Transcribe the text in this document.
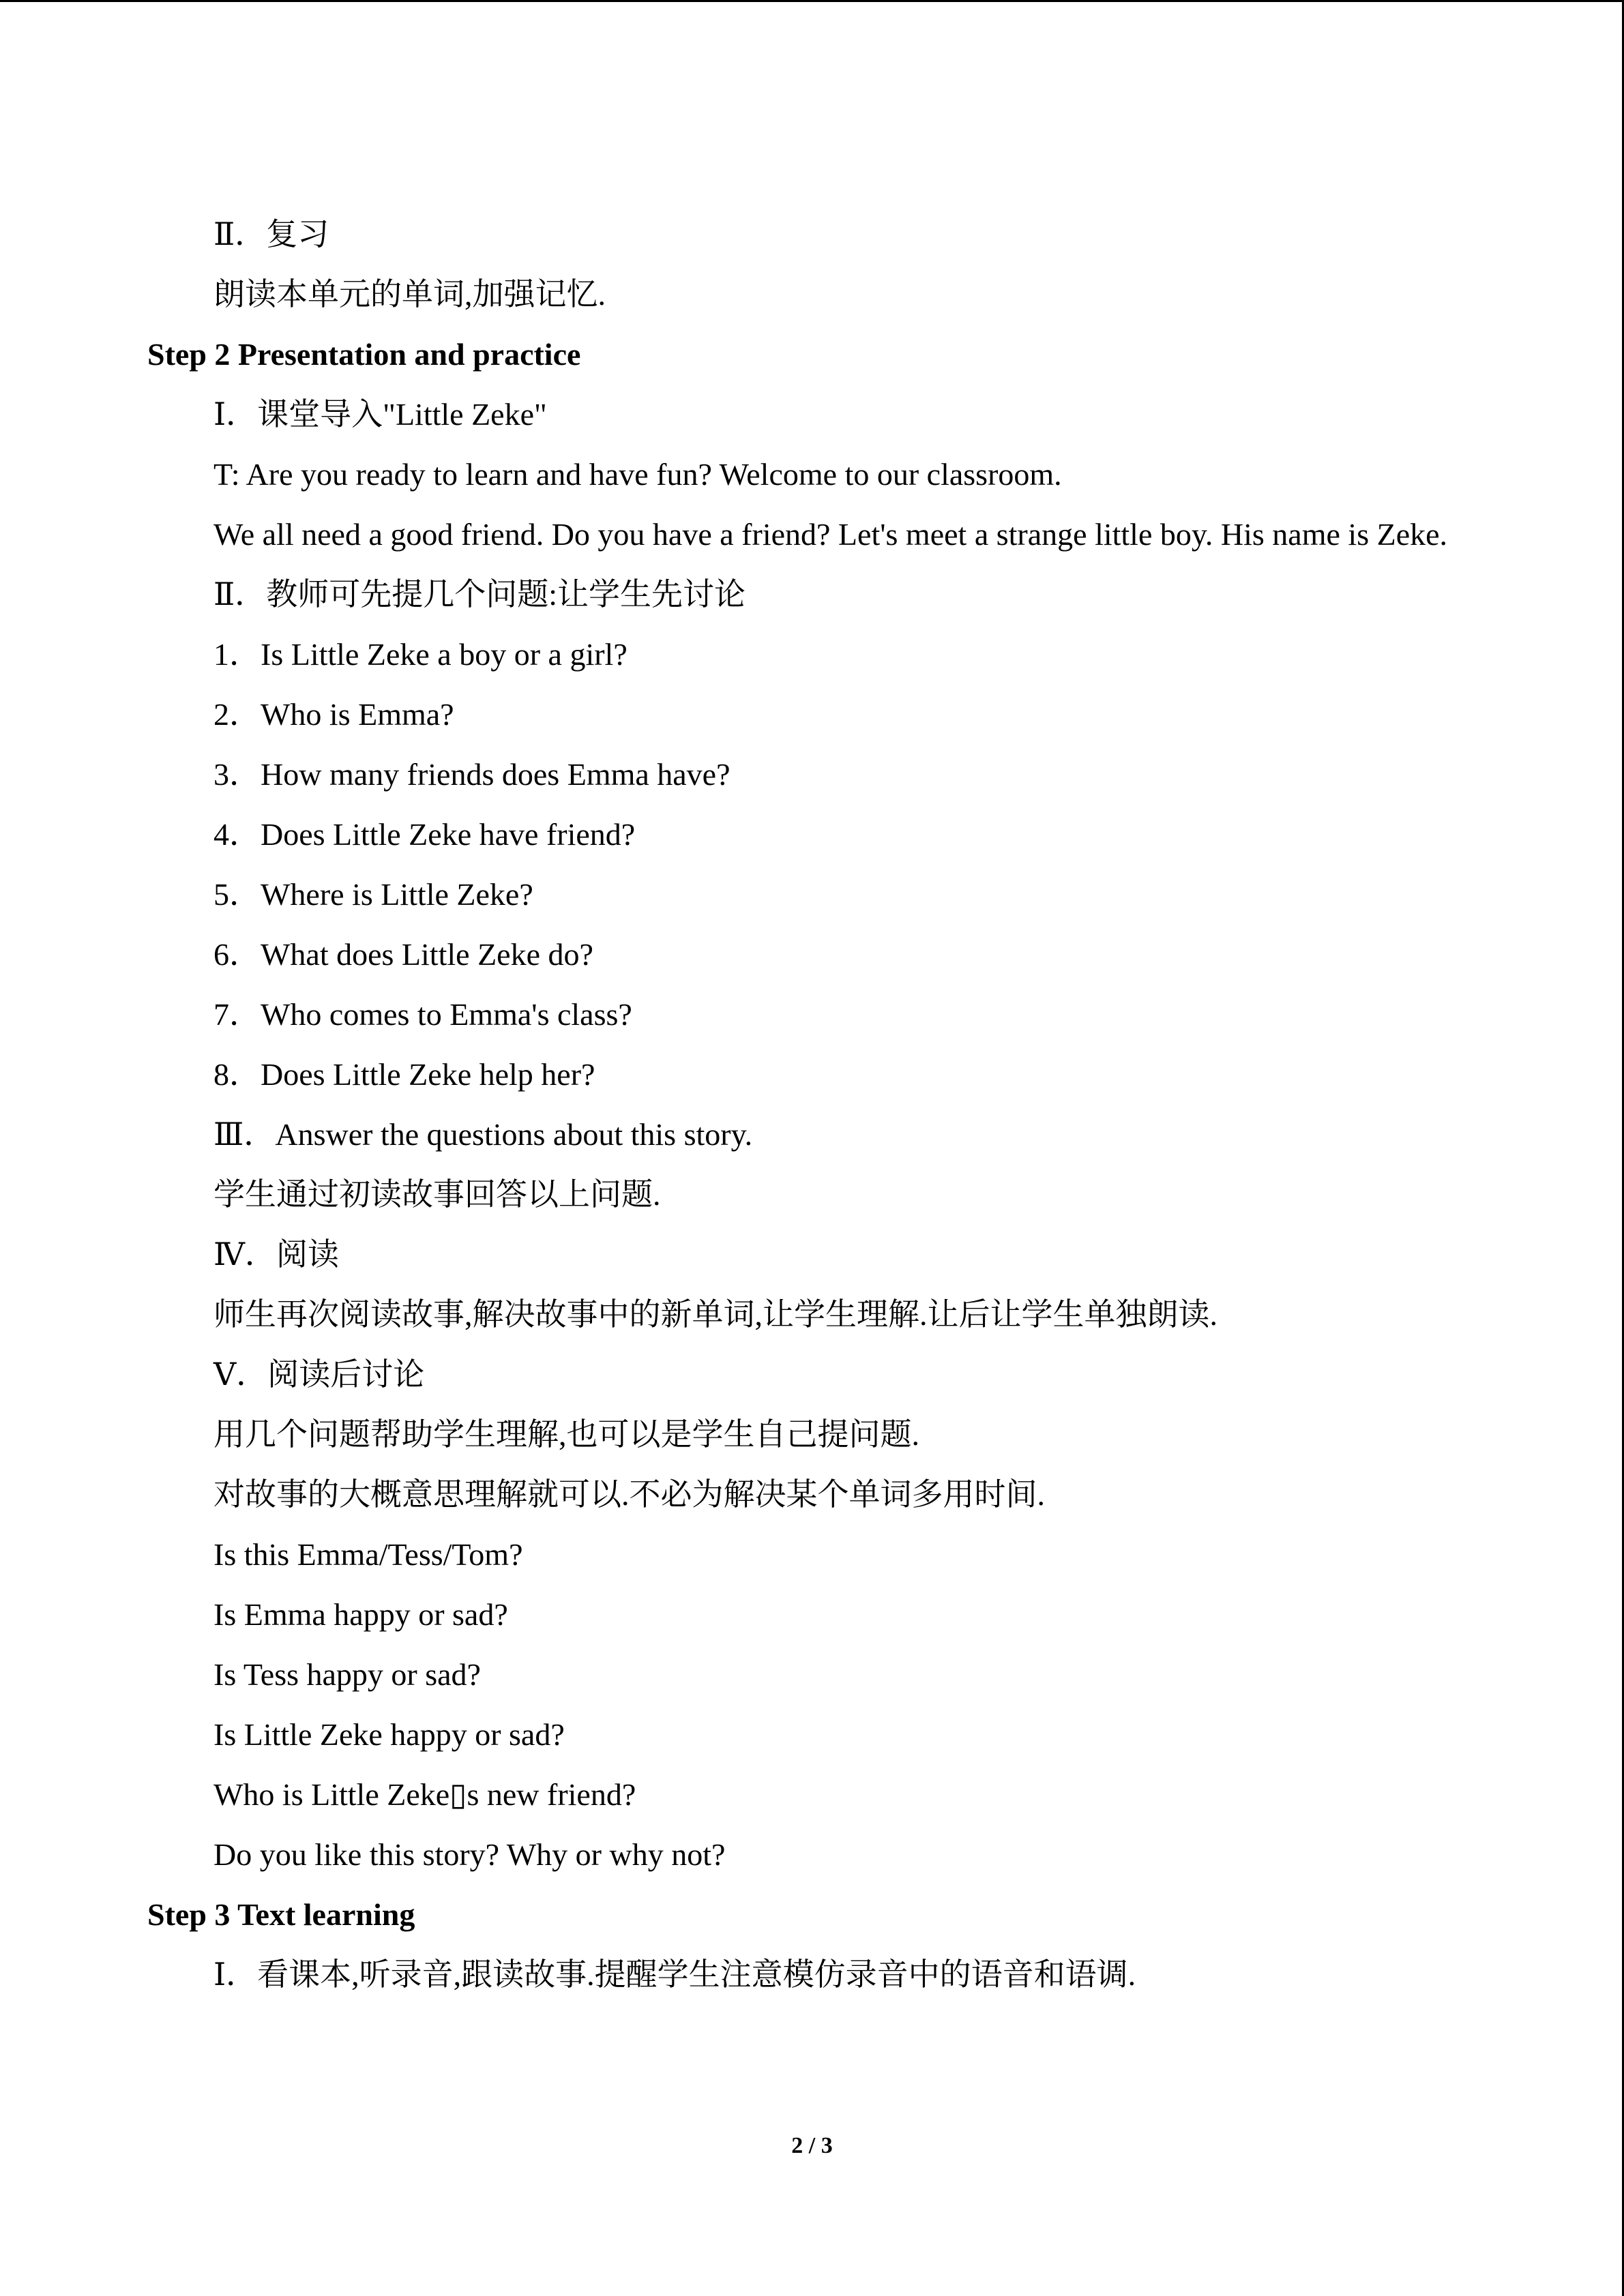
Ⅱ．复习
朗读本单元的单词,加强记忆.
Step 2 Presentation and practice
Ⅰ．课堂导入"Little Zeke"
T: Are you ready to learn and have fun? Welcome to our classroom.
We all need a good friend. Do you have a friend? Let's meet a strange little boy. His name is Zeke.
Ⅱ．教师可先提几个问题:让学生先讨论
1．Is Little Zeke a boy or a girl?
2．Who is Emma?
3．How many friends does Emma have?
4．Does Little Zeke have friend?
5．Where is Little Zeke?
6．What does Little Zeke do?
7．Who comes to Emma's class?
8．Does Little Zeke help her?
Ⅲ．Answer the questions about this story.
学生通过初读故事回答以上问题.
Ⅳ．阅读
师生再次阅读故事,解决故事中的新单词,让学生理解.让后让学生单独朗读.
Ⅴ．阅读后讨论
用几个问题帮助学生理解,也可以是学生自己提问题.
对故事的大概意思理解就可以.不必为解决某个单词多用时间.
Is this Emma/Tess/Tom?
Is Emma happy or sad?
Is Tess happy or sad?
Is Little Zeke happy or sad?
Who is Little Zeke▯s new friend?
Do you like this story? Why or why not?
Step 3 Text learning
Ⅰ．看课本,听录音,跟读故事.提醒学生注意模仿录音中的语音和语调.
2 / 3
